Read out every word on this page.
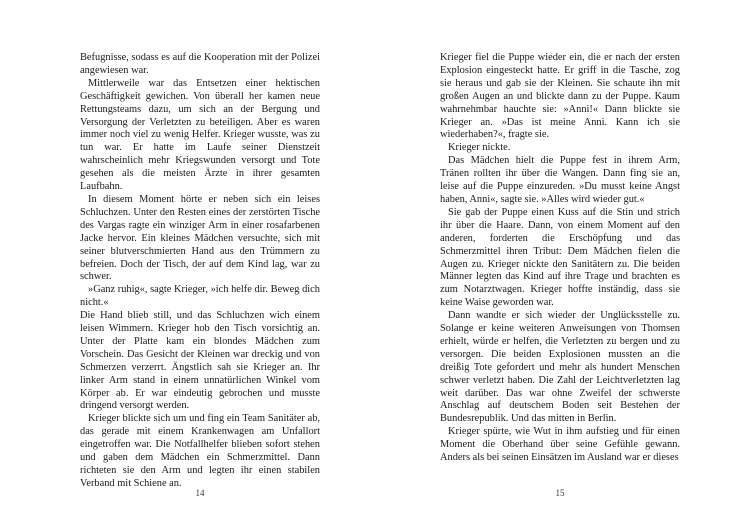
Befugnisse, sodass es auf die Kooperation mit der Polizei angewiesen war.

Mittlerweile war das Entsetzen einer hektischen Geschäftigkeit gewichen. Von überall her kamen neue Rettungsteams dazu, um sich an der Bergung und Versorgung der Verletzten zu beteiligen. Aber es waren immer noch viel zu wenig Helfer. Krieger wusste, was zu tun war. Er hatte im Laufe seiner Dienstzeit wahrscheinlich mehr Kriegswunden versorgt und Tote gesehen als die meisten Ärzte in ihrer gesamten Laufbahn.

In diesem Moment hörte er neben sich ein leises Schluchzen. Unter den Resten eines der zerstörten Tische des Vargas ragte ein winziger Arm in einer rosafarbenen Jacke hervor. Ein kleines Mädchen versuchte, sich mit seiner blutverschmierten Hand aus den Trümmern zu befreien. Doch der Tisch, der auf dem Kind lag, war zu schwer.

»Ganz ruhig«, sagte Krieger, »ich helfe dir. Beweg dich nicht.«

Die Hand blieb still, und das Schluchzen wich einem leisen Wimmern. Krieger hob den Tisch vorsichtig an. Unter der Platte kam ein blondes Mädchen zum Vorschein. Das Gesicht der Kleinen war dreckig und von Schmerzen verzerrt. Ängstlich sah sie Krieger an. Ihr linker Arm stand in einem unnatürlichen Winkel vom Körper ab. Er war eindeutig gebrochen und musste dringend versorgt werden.

Krieger blickte sich um und fing ein Team Sanitäter ab, das gerade mit einem Krankenwagen am Unfallort eingetroffen war. Die Notfallhelfer blieben sofort stehen und gaben dem Mädchen ein Schmerzmittel. Dann richteten sie den Arm und legten ihr einen stabilen Verband mit Schiene an.

14

Krieger fiel die Puppe wieder ein, die er nach der ersten Explosion eingesteckt hatte. Er griff in die Tasche, zog sie heraus und gab sie der Kleinen. Sie schaute ihn mit großen Augen an und blickte dann zu der Puppe. Kaum wahrnehmbar hauchte sie: »Anni!« Dann blickte sie Krieger an. »Das ist meine Anni. Kann ich sie wiederhaben?«, fragte sie.

Krieger nickte.

Das Mädchen hielt die Puppe fest in ihrem Arm, Tränen rollten ihr über die Wangen. Dann fing sie an, leise auf die Puppe einzureden. »Du musst keine Angst haben, Anni«, sagte sie. »Alles wird wieder gut.«

Sie gab der Puppe einen Kuss auf die Stin und strich ihr über die Haare. Dann, von einem Moment auf den anderen, forderten die Erschöpfung und das Schmerzmittel ihren Tribut: Dem Mädchen fielen die Augen zu. Krieger nickte den Sanitätern zu. Die beiden Männer legten das Kind auf ihre Trage und brachten es zum Notarztwagen. Krieger hoffte inständig, dass sie keine Waise geworden war.

Dann wandte er sich wieder der Unglücksstelle zu. Solange er keine weiteren Anweisungen von Thomsen erhielt, würde er helfen, die Verletzten zu bergen und zu versorgen. Die beiden Explosionen mussten an die dreißig Tote gefordert und mehr als hundert Menschen schwer verletzt haben. Die Zahl der Leichtverletzten lag weit darüber. Das war ohne Zweifel der schwerste Anschlag auf deutschem Boden seit Bestehen der Bundesrepublik. Und das mitten in Berlin.

Krieger spürte, wie Wut in ihm aufstieg und für einen Moment die Oberhand über seine Gefühle gewann. Anders als bei seinen Einsätzen im Ausland war er dieses

15
